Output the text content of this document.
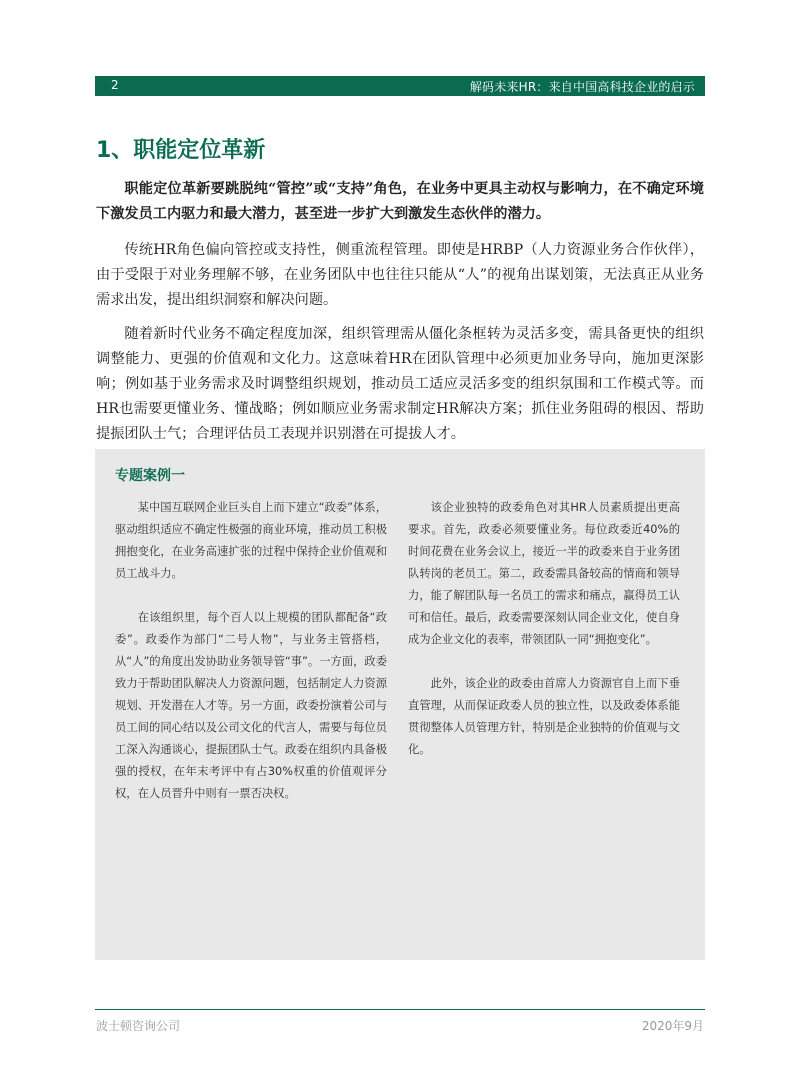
2	解码未来HR：来自中国高科技企业的启示
1、职能定位革新

职能定位革新要跳脱纯“管控”或“支持”角色，在业务中更具主动权与影响力，在不确定环境下激发员工内驱力和最大潜力，甚至进一步扩大到激发生态伙伴的潜力。

传统HR角色偏向管控或支持性，侧重流程管理。即使是HRBP（人力资源业务合作伙伴），由于受限于对业务理解不够，在业务团队中也往往只能从“人”的视角出谋划策，无法真正从业务需求出发，提出组织洞察和解决问题。

随着新时代业务不确定程度加深，组织管理需从僵化条框转为灵活多变，需具备更快的组织调整能力、更强的价值观和文化力。这意味着HR在团队管理中必须更加业务导向，施加更深影响；例如基于业务需求及时调整组织规划，推动员工适应灵活多变的组织氛围和工作模式等。而HR也需要更懂业务、懂战略；例如顺应业务需求制定HR解决方案；抓住业务阻碍的根因、帮助提振团队士气；合理评估员工表现并识别潜在可提拔人才。

专题案例一

某中国互联网企业巨头自上而下建立“政委”体系，驱动组织适应不确定性极强的商业环境，推动员工积极拥抱变化，在业务高速扩张的过程中保持企业价值观和员工战斗力。

在该组织里，每个百人以上规模的团队都配备“政委”。政委作为部门“二号人物”，与业务主管搭档，从“人”的角度出发协助业务领导管“事”。一方面，政委致力于帮助团队解决人力资源问题，包括制定人力资源规划、开发潜在人才等。另一方面，政委扮演着公司与员工间的同心结以及公司文化的代言人，需要与每位员工深入沟通谈心，提振团队士气。政委在组织内具备极强的授权，在年末考评中有占30%权重的价值观评分权，在人员晋升中则有一票否决权。

该企业独特的政委角色对其HR人员素质提出更高要求。首先，政委必须要懂业务。每位政委近40%的时间花费在业务会议上，接近一半的政委来自于业务团队转岗的老员工。第二，政委需具备较高的情商和领导力，能了解团队每一名员工的需求和痛点，赢得员工认可和信任。最后，政委需要深刻认同企业文化，使自身成为企业文化的表率，带领团队一同“拥抱变化”。

此外，该企业的政委由首席人力资源官自上而下垂直管理，从而保证政委人员的独立性，以及政委体系能贯彻整体人员管理方针，特别是企业独特的价值观与文化。

波士顿咨询公司	2020年9月
